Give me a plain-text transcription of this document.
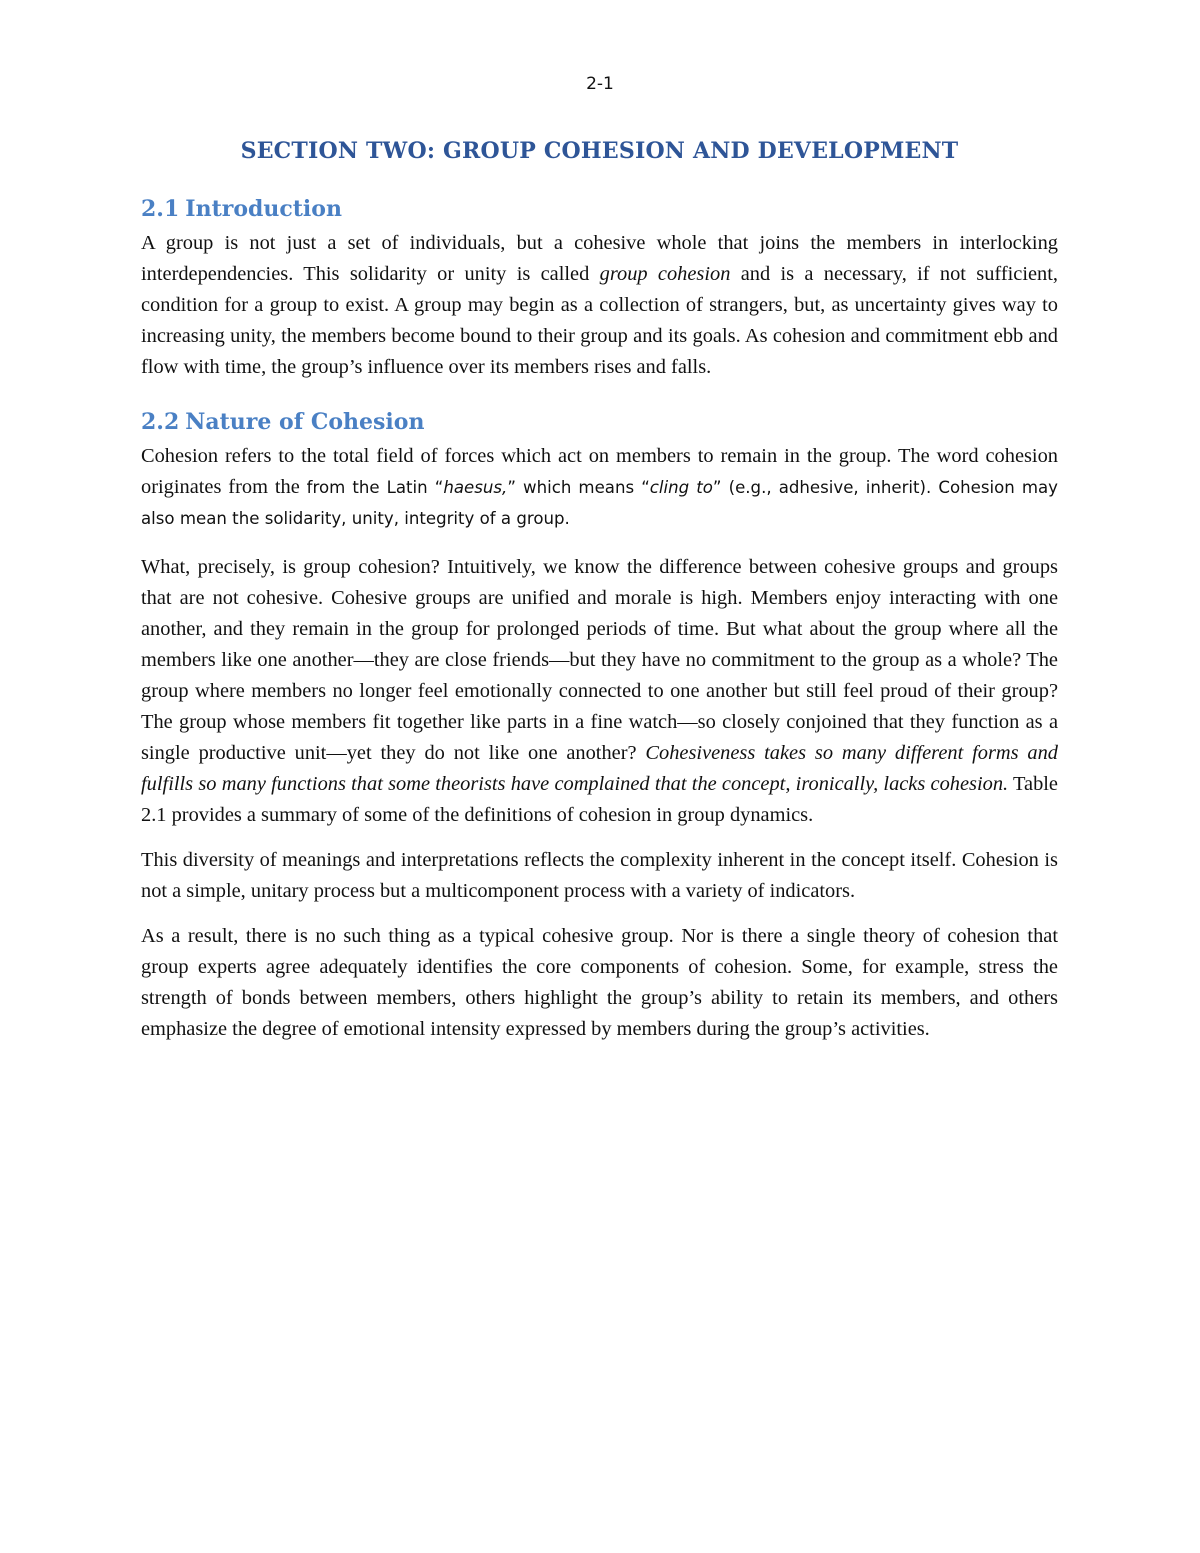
2-1
SECTION TWO: GROUP COHESION AND DEVELOPMENT
2.1 Introduction

A group is not just a set of individuals, but a cohesive whole that joins the members in interlocking interdependencies. This solidarity or unity is called group cohesion and is a necessary, if not sufficient, condition for a group to exist. A group may begin as a collection of strangers, but, as uncertainty gives way to increasing unity, the members become bound to their group and its goals. As cohesion and commitment ebb and flow with time, the group’s influence over its members rises and falls.

2.2 Nature of Cohesion

Cohesion refers to the total field of forces which act on members to remain in the group. The word cohesion originates from the from the Latin “haesus,” which means “cling to” (e.g., adhesive, inherit). Cohesion may also mean the solidarity, unity, integrity of a group.

What, precisely, is group cohesion? Intuitively, we know the difference between cohesive groups and groups that are not cohesive. Cohesive groups are unified and morale is high. Members enjoy interacting with one another, and they remain in the group for prolonged periods of time. But what about the group where all the members like one another—they are close friends—but they have no commitment to the group as a whole? The group where members no longer feel emotionally connected to one another but still feel proud of their group? The group whose members fit together like parts in a fine watch—so closely conjoined that they function as a single productive unit—yet they do not like one another? Cohesiveness takes so many different forms and fulfills so many functions that some theorists have complained that the concept, ironically, lacks cohesion. Table 2.1 provides a summary of some of the definitions of cohesion in group dynamics.

This diversity of meanings and interpretations reflects the complexity inherent in the concept itself. Cohesion is not a simple, unitary process but a multicomponent process with a variety of indicators.

As a result, there is no such thing as a typical cohesive group. Nor is there a single theory of cohesion that group experts agree adequately identifies the core components of cohesion. Some, for example, stress the strength of bonds between members, others highlight the group’s ability to retain its members, and others emphasize the degree of emotional intensity expressed by members during the group’s activities.
